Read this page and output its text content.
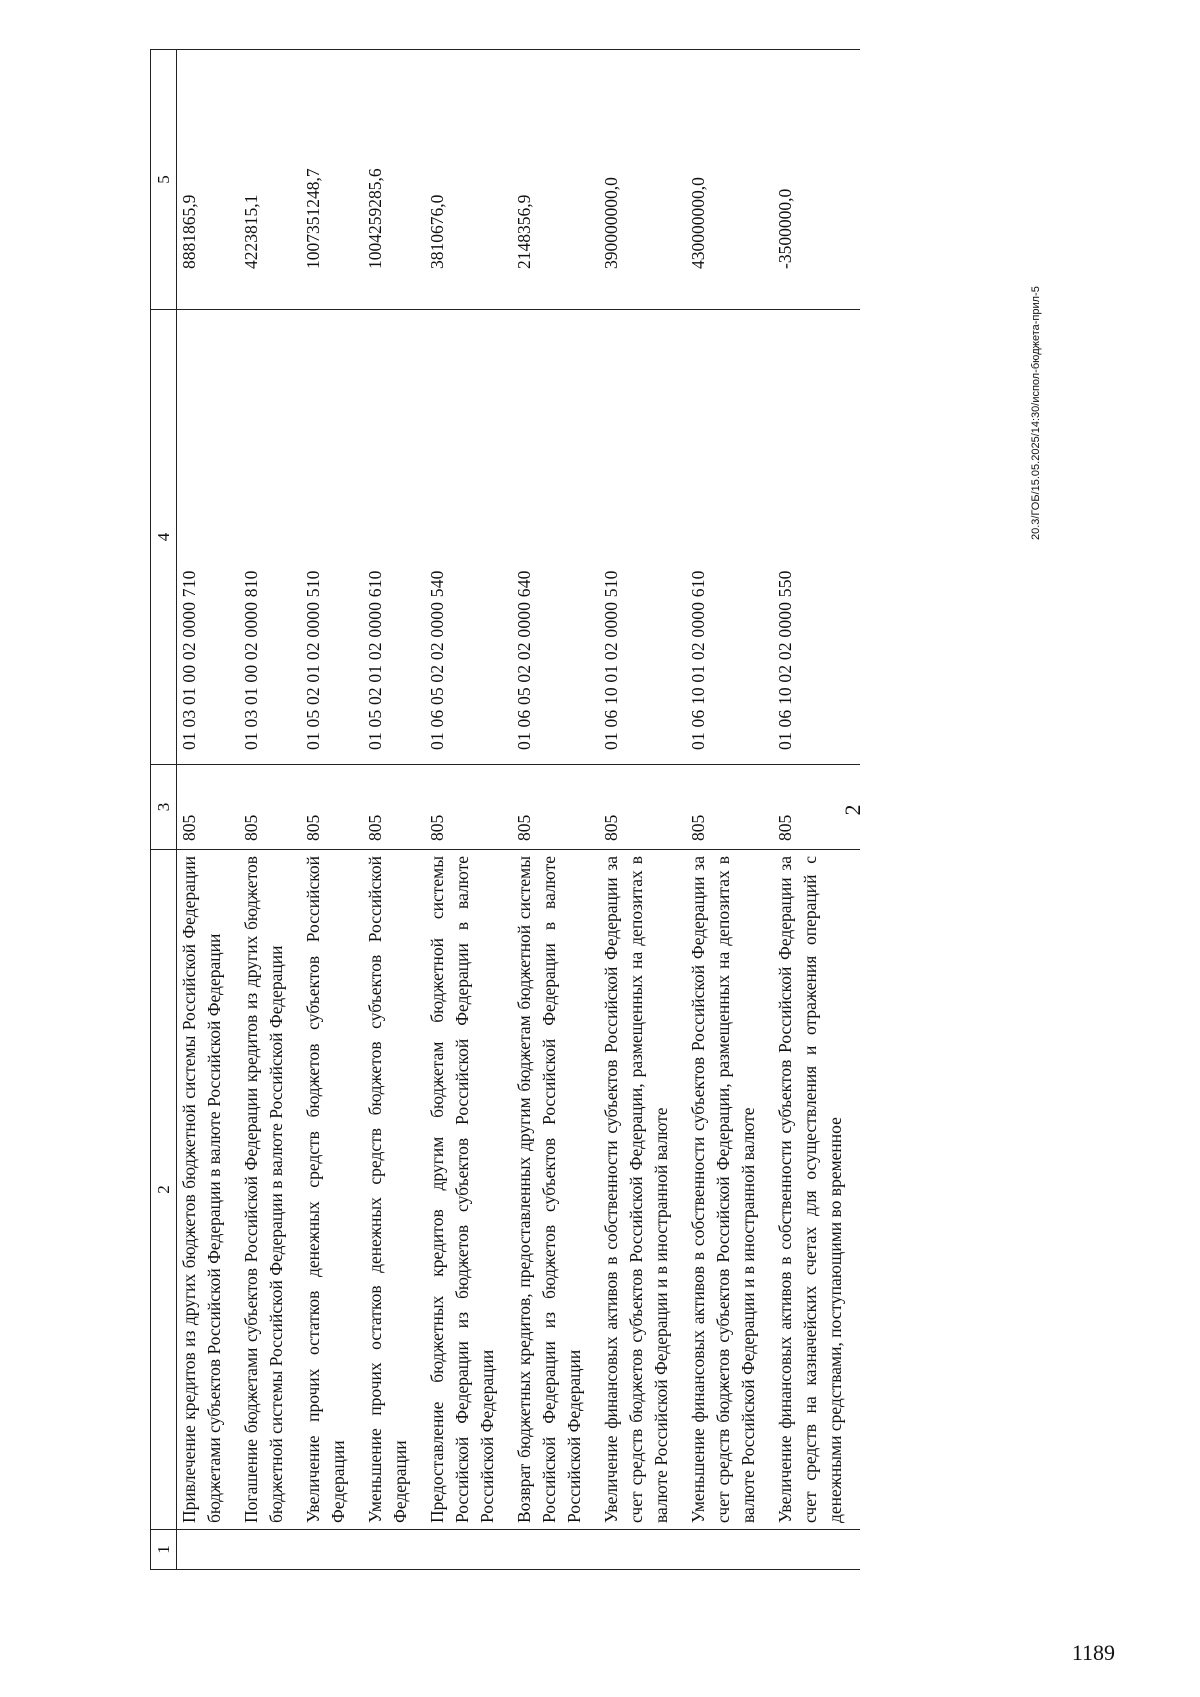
1	2	3	4	5
	Привлечение кредитов из других бюджетов бюджетной системы Российской Федерации бюджетами субъектов Российской Федерации в валюте Российской Федерации	805	01 03 01 00 02 0000 710	8881865,9
	Погашение бюджетами субъектов Российской Федерации кредитов из других бюджетов бюджетной системы Российской Федерации в валюте Российской Федерации	805	01 03 01 00 02 0000 810	4223815,1
	Увеличение прочих остатков денежных средств бюджетов субъектов Российской Федерации	805	01 05 02 01 02 0000 510	1007351248,7
	Уменьшение прочих остатков денежных средств бюджетов субъектов Российской Федерации	805	01 05 02 01 02 0000 610	1004259285,6
	Предоставление бюджетных кредитов другим бюджетам бюджетной системы Российской Федерации из бюджетов субъектов Российской Федерации в валюте Российской Федерации	805	01 06 05 02 02 0000 540	3810676,0
	Возврат бюджетных кредитов, предоставленных другим бюджетам бюджетной системы Российской Федерации из бюджетов субъектов Российской Федерации в валюте Российской Федерации	805	01 06 05 02 02 0000 640	2148356,9
	Увеличение финансовых активов в собственности субъектов Российской Федерации за счет средств бюджетов субъектов Российской Федерации, размещенных на депозитах в валюте Российской Федерации и в иностранной валюте	805	01 06 10 01 02 0000 510	390000000,0
	Уменьшение финансовых активов в собственности субъектов Российской Федерации за счет средств бюджетов субъектов Российской Федерации, размещенных на депозитах в валюте Российской Федерации и в иностранной валюте	805	01 06 10 01 02 0000 610	430000000,0
	Увеличение финансовых активов в собственности субъектов Российской Федерации за счет средств на казначейских счетах для осуществления и отражения операций с денежными средствами, поступающими во временное	805	01 06 10 02 02 0000 550	-3500000,0
2
20.3/ГОБ/15.05.2025/14:30/испол-бюджета-прил-5
1189
